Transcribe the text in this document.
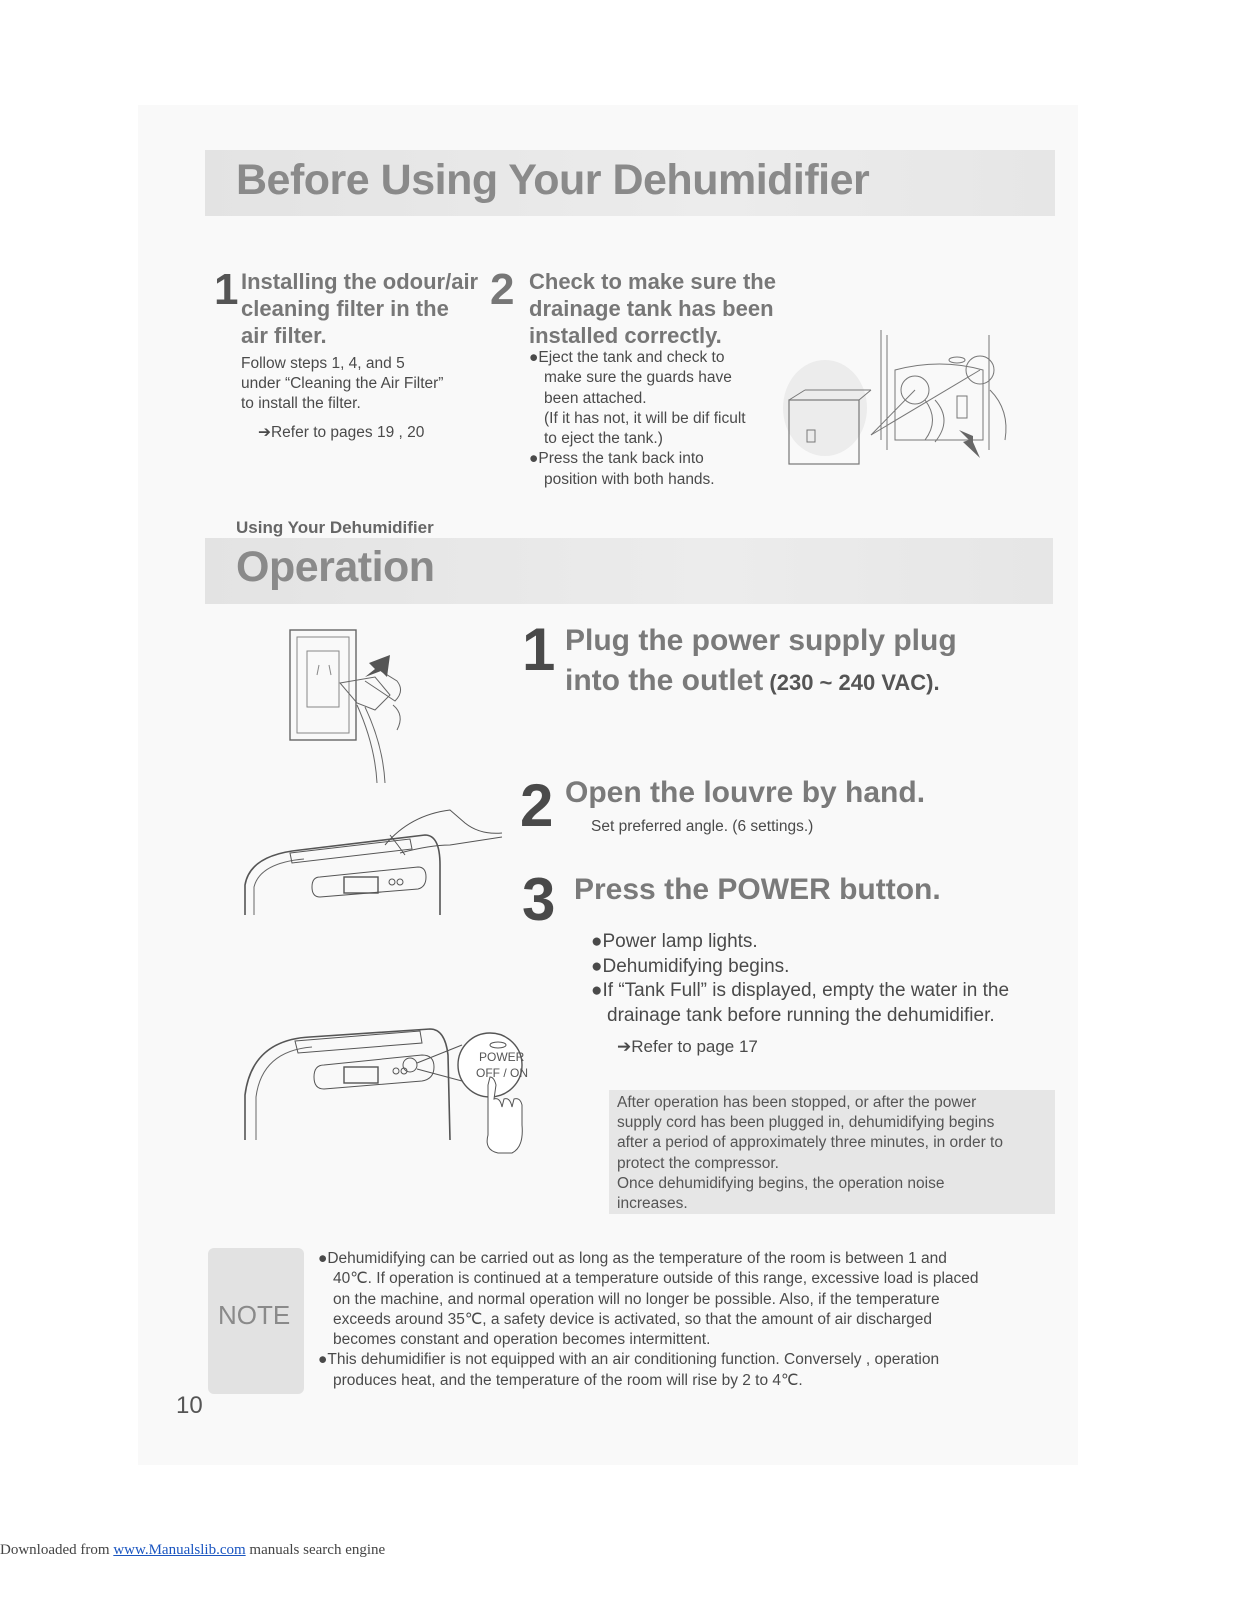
Before Using Your Dehumidifier
1 Installing the odour/air
cleaning filter in the
air filter.
Follow steps 1, 4, and 5
under “Cleaning the Air Filter”
to install the filter.
➔Refer to pages 19 , 20
2 Check to make sure the
drainage tank has been
installed correctly.
●Eject the tank and check to
make sure the guards have
been attached.
(If it has not, it will be dif ficult
to eject the tank.)
●Press the tank back into
position with both hands.
Using Your Dehumidifier
Operation
1 Plug the power supply plug
into the outlet (230 ~ 240 VAC).
2 Open the louvre by hand.
Set preferred angle. (6 settings.)
3 Press the POWER button.
●Power lamp lights.
●Dehumidifying begins.
●If “Tank Full” is displayed, empty the water in the
drainage tank before running the dehumidifier.
➔Refer to page 17
POWER
OFF / ON
After operation has been stopped, or after the power
supply cord has been plugged in, dehumidifying begins
after a period of approximately three minutes, in order to
protect the compressor.
Once dehumidifying begins, the operation noise
increases.
NOTE
●Dehumidifying can be carried out as long as the temperature of the room is between 1 and
40℃. If operation is continued at a temperature outside of this range, excessive load is placed
on the machine, and normal operation will no longer be possible. Also, if the temperature
exceeds around 35℃, a safety device is activated, so that the amount of air discharged
becomes constant and operation becomes intermittent.
●This dehumidifier is not equipped with an air conditioning function. Conversely , operation
produces heat, and the temperature of the room will rise by 2 to 4℃.
10
Downloaded from www.Manualslib.com manuals search engine
